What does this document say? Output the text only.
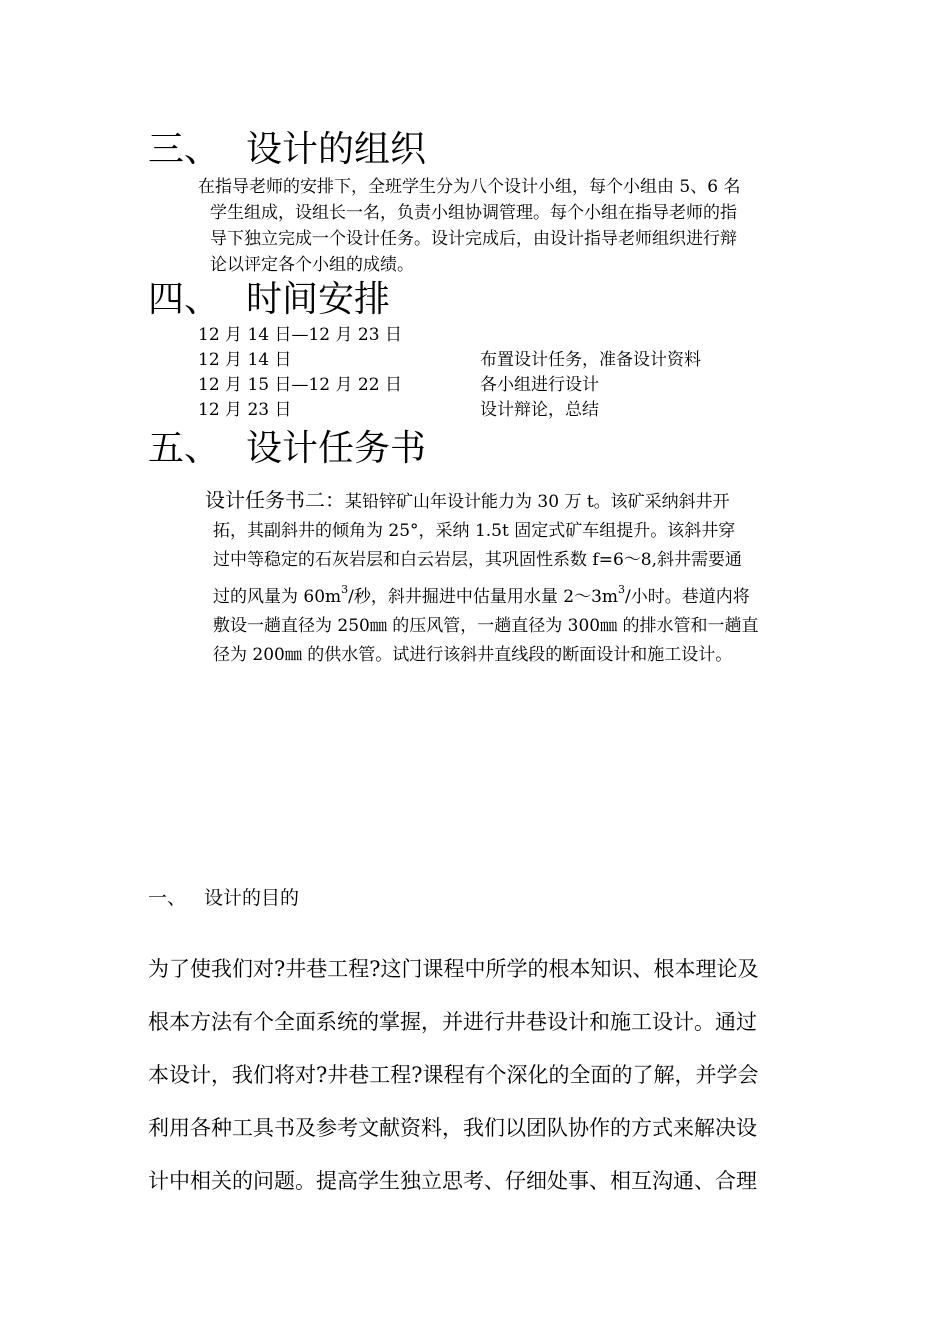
三、 设计的组织
在指导老师的安排下，全班学生分为八个设计小组，每个小组由 5、6 名
学生组成，设组长一名，负责小组协调管理。每个小组在指导老师的指
导下独立完成一个设计任务。设计完成后，由设计指导老师组织进行辩
论以评定各个小组的成绩。
四、 时间安排
12 月 14 日—12 月 23 日
12 月 14 日	布置设计任务，准备设计资料
12 月 15 日—12 月 22 日	各小组进行设计
12 月 23 日	设计辩论，总结
五、 设计任务书
设计任务书二：某铅锌矿山年设计能力为 30 万 t。该矿采纳斜井开
拓，其副斜井的倾角为 25°，采纳 1.5t 固定式矿车组提升。该斜井穿
过中等稳定的石灰岩层和白云岩层，其巩固性系数 f=6～8,斜井需要通
过的风量为 $60m^3/$秒，斜井掘进中估量用水量 $2\sim 3m^3/$小时。巷道内将
敷设一趟直径为 250㎜ 的压风管，一趟直径为 300㎜ 的排水管和一趟直
径为 200㎜ 的供水管。试进行该斜井直线段的断面设计和施工设计。
一、 设计的目的
为了使我们对?井巷工程?这门课程中所学的根本知识、根本理论及
根本方法有个全面系统的掌握，并进行井巷设计和施工设计。通过
本设计，我们将对?井巷工程?课程有个深化的全面的了解，并学会
利用各种工具书及参考文献资料，我们以团队协作的方式来解决设
计中相关的问题。提高学生独立思考、仔细处事、相互沟通、合理
